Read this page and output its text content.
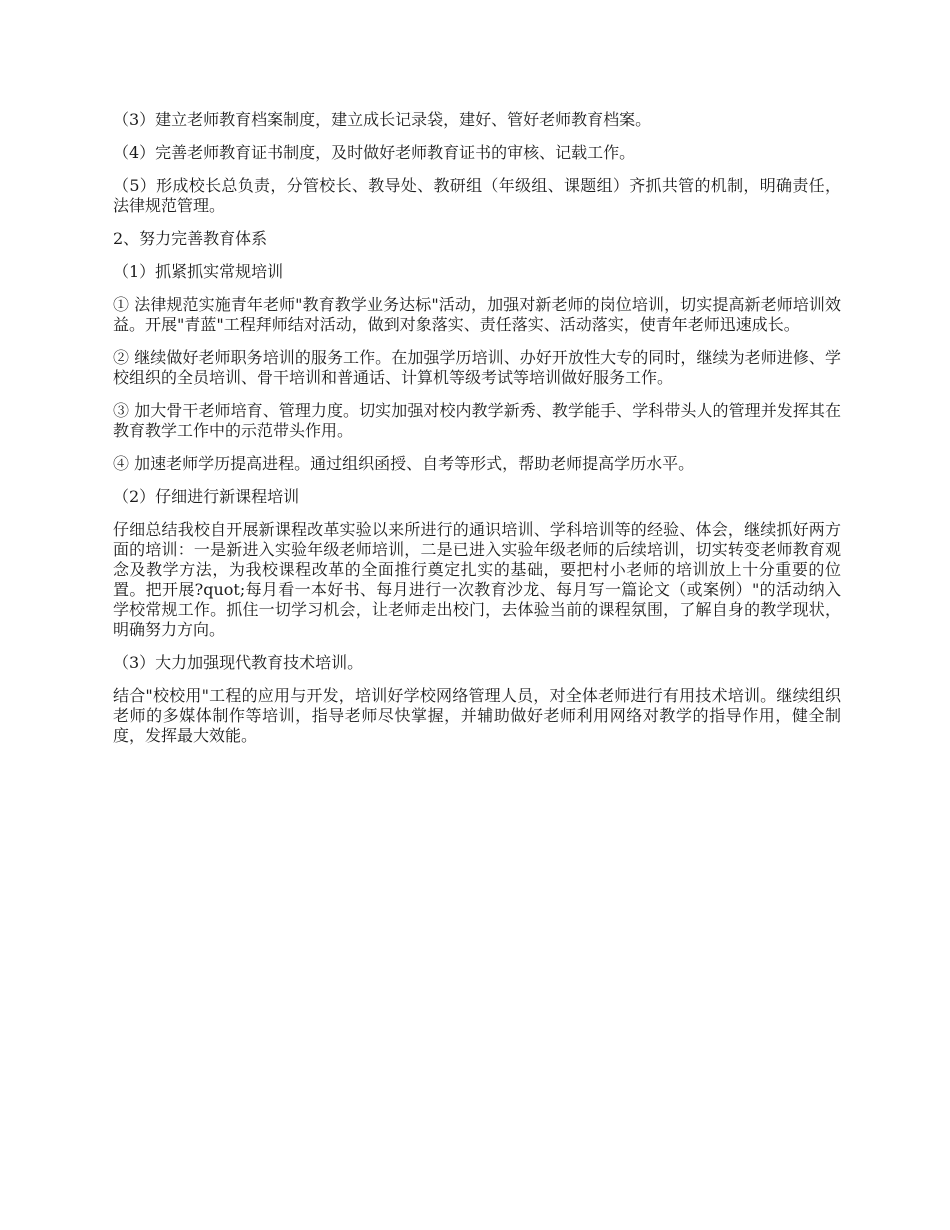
（3）建立老师教育档案制度，建立成长记录袋，建好、管好老师教育档案。

（4）完善老师教育证书制度，及时做好老师教育证书的审核、记载工作。

（5）形成校长总负责，分管校长、教导处、教研组（年级组、课题组）齐抓共管的机制，明确责任，法律规范管理。

2、努力完善教育体系

（1）抓紧抓实常规培训

① 法律规范实施青年老师"教育教学业务达标"活动，加强对新老师的岗位培训，切实提高新老师培训效益。开展"青蓝"工程拜师结对活动，做到对象落实、责任落实、活动落实，使青年老师迅速成长。

② 继续做好老师职务培训的服务工作。在加强学历培训、办好开放性大专的同时，继续为老师进修、学校组织的全员培训、骨干培训和普通话、计算机等级考试等培训做好服务工作。

③ 加大骨干老师培育、管理力度。切实加强对校内教学新秀、教学能手、学科带头人的管理并发挥其在教育教学工作中的示范带头作用。

④ 加速老师学历提高进程。通过组织函授、自考等形式，帮助老师提高学历水平。

（2）仔细进行新课程培训

仔细总结我校自开展新课程改革实验以来所进行的通识培训、学科培训等的经验、体会，继续抓好两方面的培训：一是新进入实验年级老师培训，二是已进入实验年级老师的后续培训，切实转变老师教育观念及教学方法，为我校课程改革的全面推行奠定扎实的基础，要把村小老师的培训放上十分重要的位置。把开展?quot;每月看一本好书、每月进行一次教育沙龙、每月写一篇论文（或案例）"的活动纳入学校常规工作。抓住一切学习机会，让老师走出校门，去体验当前的课程氛围，了解自身的教学现状，明确努力方向。

（3）大力加强现代教育技术培训。

结合"校校用"工程的应用与开发，培训好学校网络管理人员，对全体老师进行有用技术培训。继续组织老师的多媒体制作等培训，指导老师尽快掌握，并辅助做好老师利用网络对教学的指导作用，健全制度，发挥最大效能。
